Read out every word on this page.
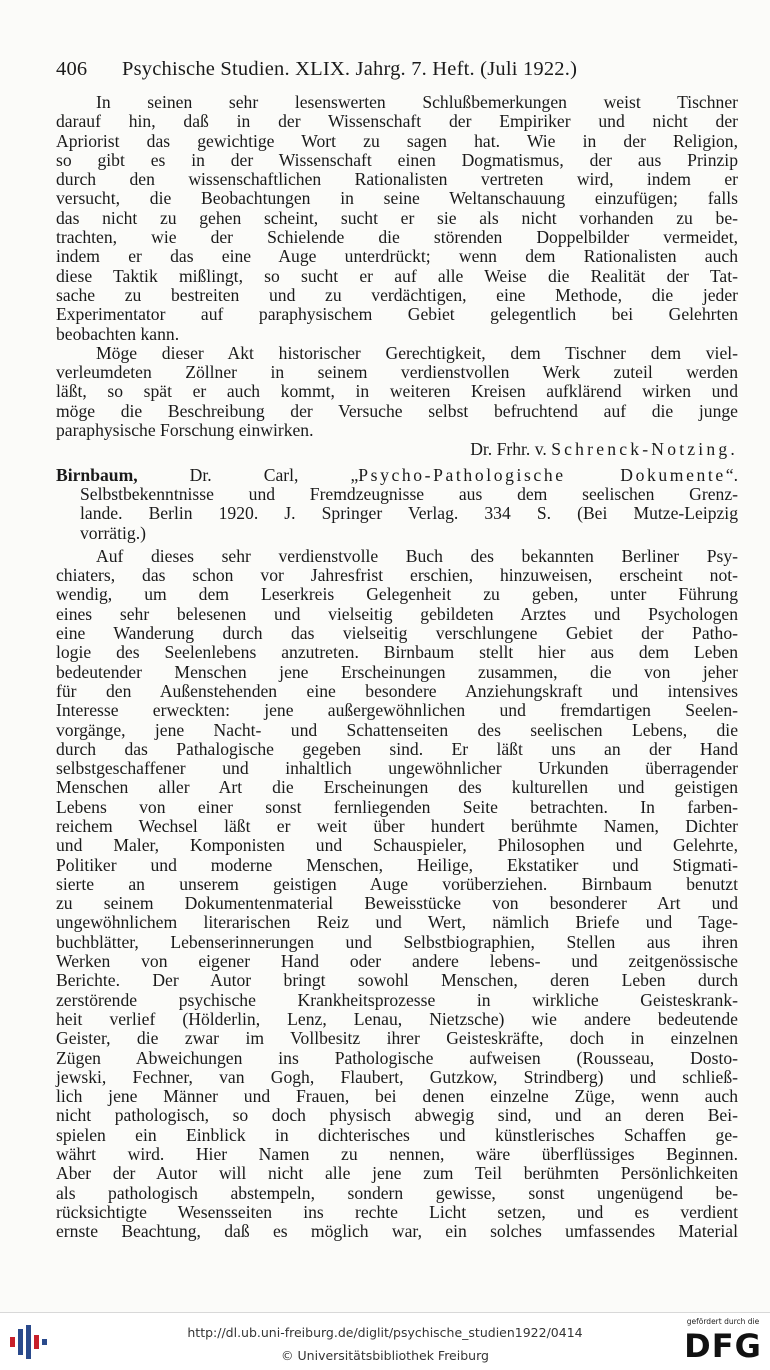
406 Psychische Studien. XLIX. Jahrg. 7. Heft. (Juli 1922.)
In seinen sehr lesenswerten Schlußbemerkungen weist Tischner
darauf hin, daß in der Wissenschaft der Empiriker und nicht der
Apriorist das gewichtige Wort zu sagen hat. Wie in der Religion,
so gibt es in der Wissenschaft einen Dogmatismus, der aus Prinzip
durch den wissenschaftlichen Rationalisten vertreten wird, indem er
versucht, die Beobachtungen in seine Weltanschauung einzufügen; falls
das nicht zu gehen scheint, sucht er sie als nicht vorhanden zu be-
trachten, wie der Schielende die störenden Doppelbilder vermeidet,
indem er das eine Auge unterdrückt; wenn dem Rationalisten auch
diese Taktik mißlingt, so sucht er auf alle Weise die Realität der Tat-
sache zu bestreiten und zu verdächtigen, eine Methode, die jeder
Experimentator auf paraphysischem Gebiet gelegentlich bei Gelehrten
beobachten kann.
Möge dieser Akt historischer Gerechtigkeit, dem Tischner dem viel-
verleumdeten Zöllner in seinem verdienstvollen Werk zuteil werden
läßt, so spät er auch kommt, in weiteren Kreisen aufklärend wirken und
möge die Beschreibung der Versuche selbst befruchtend auf die junge
paraphysische Forschung einwirken.
Dr. Frhr. v. Schrenck-Notzing.
Birnbaum, Dr. Carl, „Psycho-Pathologische Dokumente“.
Selbstbekenntnisse und Fremdzeugnisse aus dem seelischen Grenz-
lande. Berlin 1920. J. Springer Verlag. 334 S. (Bei Mutze-Leipzig
vorrätig.)
Auf dieses sehr verdienstvolle Buch des bekannten Berliner Psy-
chiaters, das schon vor Jahresfrist erschien, hinzuweisen, erscheint not-
wendig, um dem Leserkreis Gelegenheit zu geben, unter Führung
eines sehr belesenen und vielseitig gebildeten Arztes und Psychologen
eine Wanderung durch das vielseitig verschlungene Gebiet der Patho-
logie des Seelenlebens anzutreten. Birnbaum stellt hier aus dem Leben
bedeutender Menschen jene Erscheinungen zusammen, die von jeher
für den Außenstehenden eine besondere Anziehungskraft und intensives
Interesse erweckten: jene außergewöhnlichen und fremdartigen Seelen-
vorgänge, jene Nacht- und Schattenseiten des seelischen Lebens, die
durch das Pathalogische gegeben sind. Er läßt uns an der Hand
selbstgeschaffener und inhaltlich ungewöhnlicher Urkunden überragender
Menschen aller Art die Erscheinungen des kulturellen und geistigen
Lebens von einer sonst fernliegenden Seite betrachten. In farben-
reichem Wechsel läßt er weit über hundert berühmte Namen, Dichter
und Maler, Komponisten und Schauspieler, Philosophen und Gelehrte,
Politiker und moderne Menschen, Heilige, Ekstatiker und Stigmati-
sierte an unserem geistigen Auge vorüberziehen. Birnbaum benutzt
zu seinem Dokumentenmaterial Beweisstücke von besonderer Art und
ungewöhnlichem literarischen Reiz und Wert, nämlich Briefe und Tage-
buchblätter, Lebenserinnerungen und Selbstbiographien, Stellen aus ihren
Werken von eigener Hand oder andere lebens- und zeitgenössische
Berichte. Der Autor bringt sowohl Menschen, deren Leben durch
zerstörende psychische Krankheitsprozesse in wirkliche Geisteskrank-
heit verlief (Hölderlin, Lenz, Lenau, Nietzsche) wie andere bedeutende
Geister, die zwar im Vollbesitz ihrer Geisteskräfte, doch in einzelnen
Zügen Abweichungen ins Pathologische aufweisen (Rousseau, Dosto-
jewski, Fechner, van Gogh, Flaubert, Gutzkow, Strindberg) und schließ-
lich jene Männer und Frauen, bei denen einzelne Züge, wenn auch
nicht pathologisch, so doch physisch abwegig sind, und an deren Bei-
spielen ein Einblick in dichterisches und künstlerisches Schaffen ge-
währt wird. Hier Namen zu nennen, wäre überflüssiges Beginnen.
Aber der Autor will nicht alle jene zum Teil berühmten Persönlichkeiten
als pathologisch abstempeln, sondern gewisse, sonst ungenügend be-
rücksichtigte Wesensseiten ins rechte Licht setzen, und es verdient
ernste Beachtung, daß es möglich war, ein solches umfassendes Material
http://dl.ub.uni-freiburg.de/diglit/psychische_studien1922/0414
© Universitätsbibliothek Freiburg
gefördert durch die
DFG
